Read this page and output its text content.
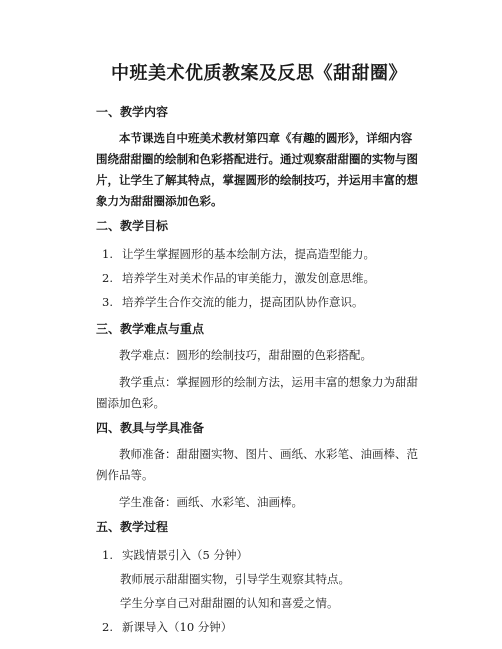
中班美术优质教案及反思《甜甜圈》
一、教学内容
本节课选自中班美术教材第四章《有趣的圆形》，详细内容围绕甜甜圈的绘制和色彩搭配进行。通过观察甜甜圈的实物与图片，让学生了解其特点，掌握圆形的绘制技巧，并运用丰富的想象力为甜甜圈添加色彩。
二、教学目标
1. 让学生掌握圆形的基本绘制方法，提高造型能力。
2. 培养学生对美术作品的审美能力，激发创意思维。
3. 培养学生合作交流的能力，提高团队协作意识。
三、教学难点与重点
教学难点：圆形的绘制技巧，甜甜圈的色彩搭配。
教学重点：掌握圆形的绘制方法，运用丰富的想象力为甜甜圈添加色彩。
四、教具与学具准备
教师准备：甜甜圈实物、图片、画纸、水彩笔、油画棒、范例作品等。
学生准备：画纸、水彩笔、油画棒。
五、教学过程
1. 实践情景引入（5 分钟）
教师展示甜甜圈实物，引导学生观察其特点。
学生分享自己对甜甜圈的认知和喜爱之情。
2. 新课导入（10 分钟）
